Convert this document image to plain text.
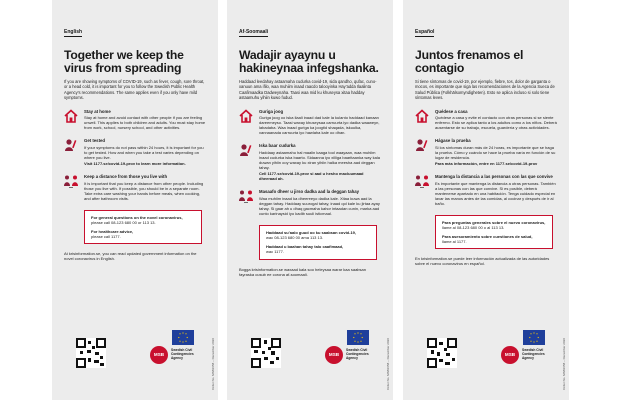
English
Together we keep the virus from spreading
If you are showing symptoms of COVID-19, such as fever, cough, sore throat, or a head cold, it is important for you to follow the Swedish Public Health Agency’s recommendations. The same applies even if you only have mild symptoms.
Stay at home

Stay at home and avoid contact with other people if you are feeling unwell. This applies to both children and adults. You must stay home from work, school, nursery school, and other activities.

Get tested

If your symptoms do not pass within 24 hours, it is important for you to get tested. How and when you take a test varies depending on where you live.

Visit 1177.se/covid-19-prov to learn more information.

Keep a distance from those you live with

It is important that you keep a distance from other people. Including those you live with. If possible, you should be in a separate room. Take extra care washing your hands before meals, when cooking, and after bathroom visits.

For general questions on the novel coronavirus,

please call 08-123 680 00 or 113 13.

For healthcare advice,

please call 1177.

At krisinformation.se, you can read updated government information on the novel coronavirus in English.
MSB
Swedish Civil Contingencies Agency	Order No. MSB1658 – December 2020
Af-Soomaali
Wadajir ayaynu u hakineynaa infegshanka.
Haddaad leedahay astaamaha cudurka covid-19, sida qandho, qufac, cuno-xanuun ama ifilo, waa muhiim inaad raacdo talooyinka Hay’adda Ilaalinta Caafimaadka Dadweynaha. Taasi waa mid ku khuseysa xitaa hadday astaamuhu yihiin kuwo fudud.
Guriga joog

Guriga joog oo iska ilaali inaad dad kale la kulanto haddaad kanaan dareemeyso. Taasi waxay khuseysaa carruurta iyo dadka waaweyn, labadaba. Waa inaad guriga ka joogtid shaqada, iskuulka, xannaanada carruurta iyo hawlaha kale oo dhan.

Iska baar cudurka

Haddaay astaamahu hal maalin kaaga tool waayaan, waa muhiim inaad cudurka iska baarto. Sidaanna iyo xilliga baaritaanka way kala duwan yihiin ooy waxay ku xiran yihiin halka meesha aad deggan tahay.

Cell 1177.se/covid-19-prov si aad u hesho macluumaad dheeraad ah.

Masaafo dheer u jirso dadka aad la deggan tahay

Waa muhiim inaad ka dheereeyo dadka kale. Xitaa kuwa aad la deggan tahay. Haddaay suurogal tahay, inaad qol kale ku jirtaa ayay tahay. Si gaar ah u dhaq gacmaha kahor intaadan cunin, marka aad cunto karinaysid iyo kadib suuli isticmaal.

Haddaad su’aalo guud oo ku saabsan covid-19,

wac 08-123 680 00 ama 113 13.

Haddaad u baahan tahay talo caafimaad,

wac 1177.

Bogga krisinformation.se waxaad kala soo heleysaa warar kaa saabsan fayraska cusub ee corona af-soomaali.
MSB
Swedish Civil Contingencies Agency	Order No. MSB1658 – December 2020
Español
Juntos frenamos el contagio
Si tiene síntomas de covid-19, por ejemplo, fiebre, tos, dolor de garganta o mocos, es importante que siga las recomendaciones de la Agencia Sueca de Salud Pública (Folkhälsomyndigheten). Esto se aplica incluso si solo tiene síntomas leves.
Quédese a casa

Quédese a casa y evite el contacto con otras personas si se siente enfermo. Esto se aplica tanto a los adultos como a los niños. Deberá ausentarse de su trabajo, escuela, guardería y otras actividades.

Hágase la prueba

Si los síntomas duran más de 24 horas, es importante que se haga la prueba. Cómo y cuándo se hace la prueba varía en función de su lugar de residencia.

Para más información, entre en 1177.se/covid-19-prov

Mantenga la distancia a las personas con las que convive

Es importante que mantenga la distancia a otras personas. También a las personas con las que convive. Si es posible, deberá mantenerse apartado en una habitación. Tenga cuidado especial en lavar las manos antes de las comidas, al cocinar y después de ir al baño.

Para preguntas generales sobre el nuevo coronavirus,

llame al 08-123 680 00 o al 113 13.

Para asesoramiento sobre cuestiones de salud,

llame al 1177.

En krisinformation.se puede leer información actualizada de las autoridades sobre el nuevo coronavirus en español.
MSB
Swedish Civil Contingencies Agency	Order No. MSB1658 – December 2020
